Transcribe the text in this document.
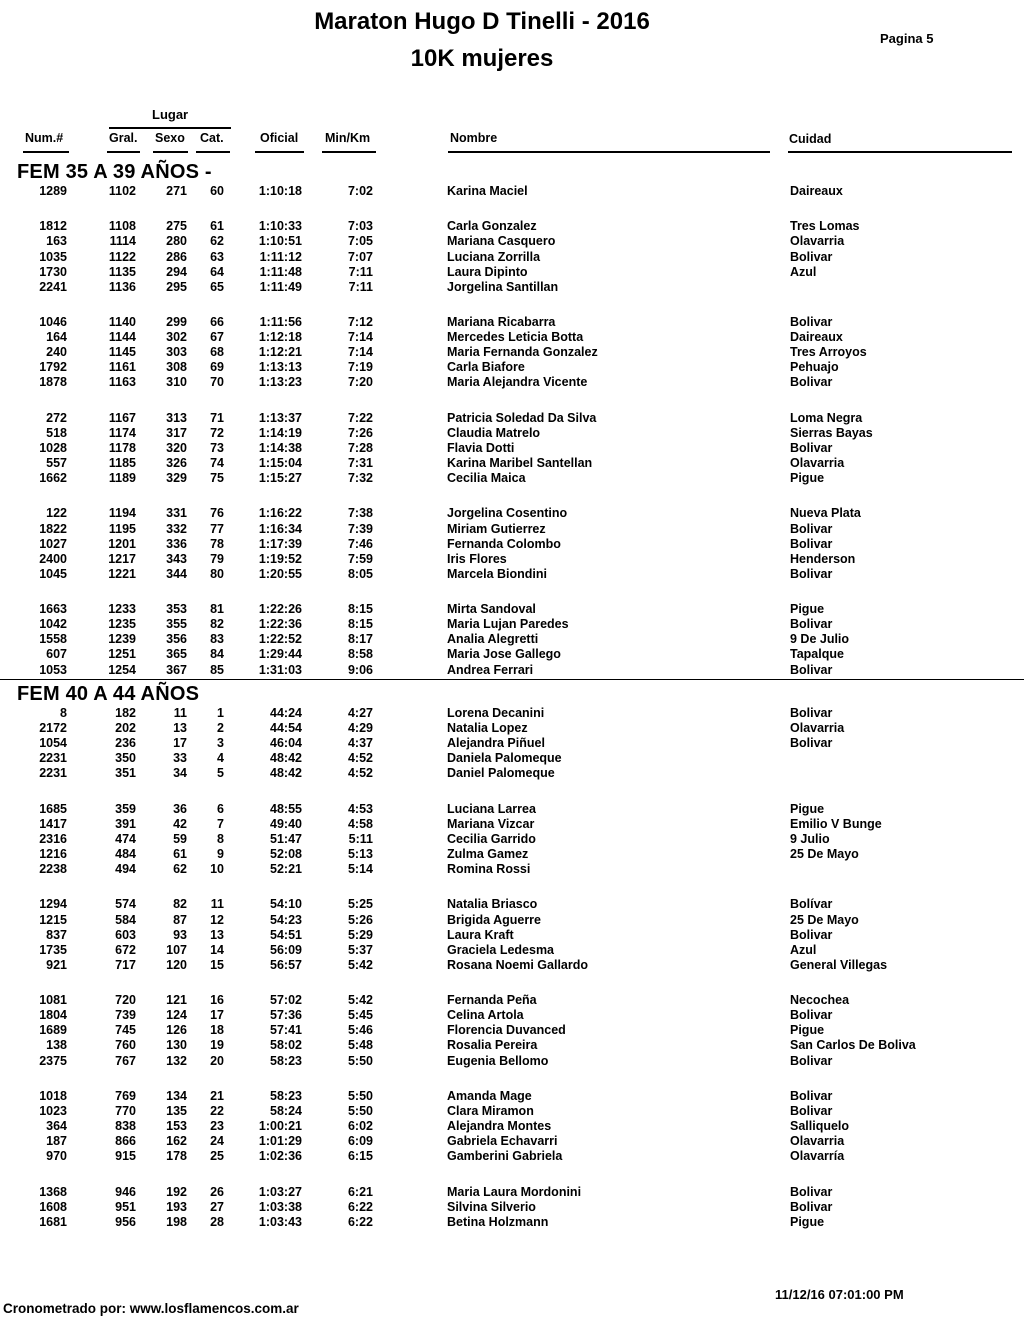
Maraton Hugo D Tinelli - 2016
10K mujeres
Pagina 5
Lugar
Num.#	Gral. Sexo Cat.	Oficial Min/Km	Nombre	Cuidad
FEM 35 A 39 AÑOS -
1289	1102 271 60	1:10:18	7:02	Karina Maciel	Daireaux
1812	1108 275 61	1:10:33	7:03	Carla Gonzalez	Tres Lomas
163	1114 280 62	1:10:51	7:05	Mariana Casquero	Olavarria
1035	1122 286 63	1:11:12	7:07	Luciana Zorrilla	Bolivar
1730	1135 294 64	1:11:48	7:11	Laura Dipinto	Azul
2241	1136 295 65	1:11:49	7:11	Jorgelina Santillan
1046	1140 299 66	1:11:56	7:12	Mariana Ricabarra	Bolivar
164	1144 302 67	1:12:18	7:14	Mercedes Leticia Botta	Daireaux
240	1145 303 68	1:12:21	7:14	Maria Fernanda Gonzalez	Tres Arroyos
1792	1161 308 69	1:13:13	7:19	Carla Biafore	Pehuajo
1878	1163 310 70	1:13:23	7:20	Maria Alejandra Vicente	Bolivar
272	1167 313 71	1:13:37	7:22	Patricia Soledad Da Silva	Loma Negra
518	1174 317 72	1:14:19	7:26	Claudia Matrelo	Sierras Bayas
1028	1178 320 73	1:14:38	7:28	Flavia Dotti	Bolivar
557	1185 326 74	1:15:04	7:31	Karina Maribel Santellan	Olavarria
1662	1189 329 75	1:15:27	7:32	Cecilia Maica	Pigue
122	1194 331 76	1:16:22	7:38	Jorgelina Cosentino	Nueva Plata
1822	1195 332 77	1:16:34	7:39	Miriam Gutierrez	Bolivar
1027	1201 336 78	1:17:39	7:46	Fernanda Colombo	Bolivar
2400	1217 343 79	1:19:52	7:59	Iris Flores	Henderson
1045	1221 344 80	1:20:55	8:05	Marcela Biondini	Bolivar
1663	1233 353 81	1:22:26	8:15	Mirta Sandoval	Pigue
1042	1235 355 82	1:22:36	8:15	Maria Lujan Paredes	Bolivar
1558	1239 356 83	1:22:52	8:17	Analia Alegretti	9 De Julio
607	1251 365 84	1:29:44	8:58	Maria Jose Gallego	Tapalque
1053	1254 367 85	1:31:03	9:06	Andrea Ferrari	Bolivar
FEM 40 A 44 AÑOS
8	182	11 1	44:24	4:27	Lorena Decanini	Bolivar
2172	202	13 2	44:54	4:29	Natalia Lopez	Olavarria
1054	236	17 3	46:04	4:37	Alejandra Piñuel	Bolivar
2231	350	33 4	48:42	4:52	Daniela Palomeque
2231	351	34 5	48:42	4:52	Daniel Palomeque
1685	359	36 6	48:55	4:53	Luciana Larrea	Pigue
1417	391	42 7	49:40	4:58	Mariana Vizcar	Emilio V Bunge
2316	474	59 8	51:47	5:11	Cecilia Garrido	9 Julio
1216	484	61 9	52:08	5:13	Zulma Gamez	25 De Mayo
2238	494	62 10	52:21	5:14	Romina Rossi
1294	574	82 11	54:10	5:25	Natalia Briasco	Bolívar
1215	584	87 12	54:23	5:26	Brigida Aguerre	25 De Mayo
837	603	93 13	54:51	5:29	Laura Kraft	Bolivar
1735	672 107 14	56:09	5:37	Graciela Ledesma	Azul
921	717 120 15	56:57	5:42	Rosana Noemi Gallardo	General Villegas
1081	720 121 16	57:02	5:42	Fernanda Peña	Necochea
1804	739 124 17	57:36	5:45	Celina Artola	Bolivar
1689	745 126 18	57:41	5:46	Florencia Duvanced	Pigue
138	760 130 19	58:02	5:48	Rosalia Pereira	San Carlos De Boliva
2375	767 132 20	58:23	5:50	Eugenia Bellomo	Bolivar
1018	769 134 21	58:23	5:50	Amanda Mage	Bolivar
1023	770 135 22	58:24	5:50	Clara Miramon	Bolivar
364	838 153 23	1:00:21	6:02	Alejandra Montes	Salliquelo
187	866 162 24	1:01:29	6:09	Gabriela Echavarri	Olavarria
970	915 178 25	1:02:36	6:15	Gamberini Gabriela	Olavarría
1368	946 192 26	1:03:27	6:21	Maria Laura Mordonini	Bolivar
1608	951 193 27	1:03:38	6:22	Silvina Silverio	Bolivar
1681	956 198 28	1:03:43	6:22	Betina Holzmann	Pigue
Cronometrado por: www.losflamencos.com.ar
11/12/16 07:01:00 PM
